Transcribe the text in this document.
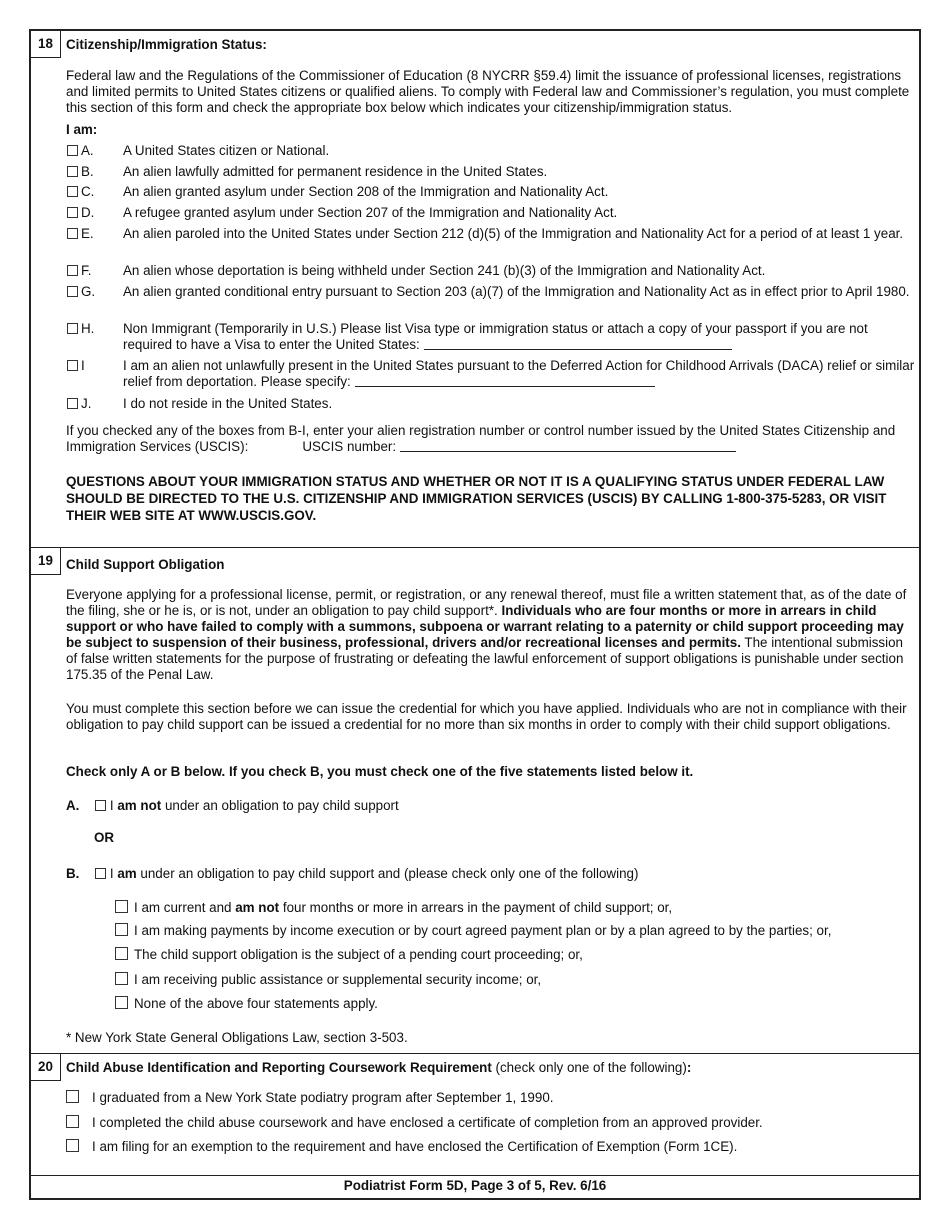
18 Citizenship/Immigration Status:
Federal law and the Regulations of the Commissioner of Education (8 NYCRR §59.4) limit the issuance of professional licenses, registrations and limited permits to United States citizens or qualified aliens. To comply with Federal law and Commissioner’s regulation, you must complete this section of this form and check the appropriate box below which indicates your citizenship/immigration status.
I am:
A. A United States citizen or National.
B. An alien lawfully admitted for permanent residence in the United States.
C. An alien granted asylum under Section 208 of the Immigration and Nationality Act.
D. A refugee granted asylum under Section 207 of the Immigration and Nationality Act.
E. An alien paroled into the United States under Section 212 (d)(5) of the Immigration and Nationality Act for a period of at least 1 year.
F. An alien whose deportation is being withheld under Section 241 (b)(3) of the Immigration and Nationality Act.
G. An alien granted conditional entry pursuant to Section 203 (a)(7) of the Immigration and Nationality Act as in effect prior to April 1980.
H. Non Immigrant (Temporarily in U.S.) Please list Visa type or immigration status or attach a copy of your passport if you are not required to have a Visa to enter the United States:
I	I am an alien not unlawfully present in the United States pursuant to the Deferred Action for Childhood Arrivals (DACA) relief or similar relief from deportation. Please specify:
J. I do not reside in the United States.
If you checked any of the boxes from B-I, enter your alien registration number or control number issued by the United States Citizenship and Immigration Services (USCIS):	USCIS number:
QUESTIONS ABOUT YOUR IMMIGRATION STATUS AND WHETHER OR NOT IT IS A QUALIFYING STATUS UNDER FEDERAL LAW SHOULD BE DIRECTED TO THE U.S. CITIZENSHIP AND IMMIGRATION SERVICES (USCIS) BY CALLING 1-800-375-5283, OR VISIT THEIR WEB SITE AT WWW.USCIS.GOV.
19 Child Support Obligation
Everyone applying for a professional license, permit, or registration, or any renewal thereof, must file a written statement that, as of the date of the filing, she or he is, or is not, under an obligation to pay child support*. Individuals who are four months or more in arrears in child support or who have failed to comply with a summons, subpoena or warrant relating to a paternity or child support proceeding may be subject to suspension of their business, professional, drivers and/or recreational licenses and permits. The intentional submission of false written statements for the purpose of frustrating or defeating the lawful enforcement of support obligations is punishable under section 175.35 of the Penal Law.
You must complete this section before we can issue the credential for which you have applied. Individuals who are not in compliance with their obligation to pay child support can be issued a credential for no more than six months in order to comply with their child support obligations.
Check only A or B below. If you check B, you must check one of the five statements listed below it.
A. I am not under an obligation to pay child support
OR
B. I am under an obligation to pay child support and (please check only one of the following)
I am current and am not four months or more in arrears in the payment of child support; or,
I am making payments by income execution or by court agreed payment plan or by a plan agreed to by the parties; or,
The child support obligation is the subject of a pending court proceeding; or,
I am receiving public assistance or supplemental security income; or,
None of the above four statements apply.
* New York State General Obligations Law, section 3-503.
20 Child Abuse Identification and Reporting Coursework Requirement (check only one of the following):
I graduated from a New York State podiatry program after September 1, 1990.
I completed the child abuse coursework and have enclosed a certificate of completion from an approved provider.
I am filing for an exemption to the requirement and have enclosed the Certification of Exemption (Form 1CE).
Podiatrist Form 5D, Page 3 of 5, Rev. 6/16
